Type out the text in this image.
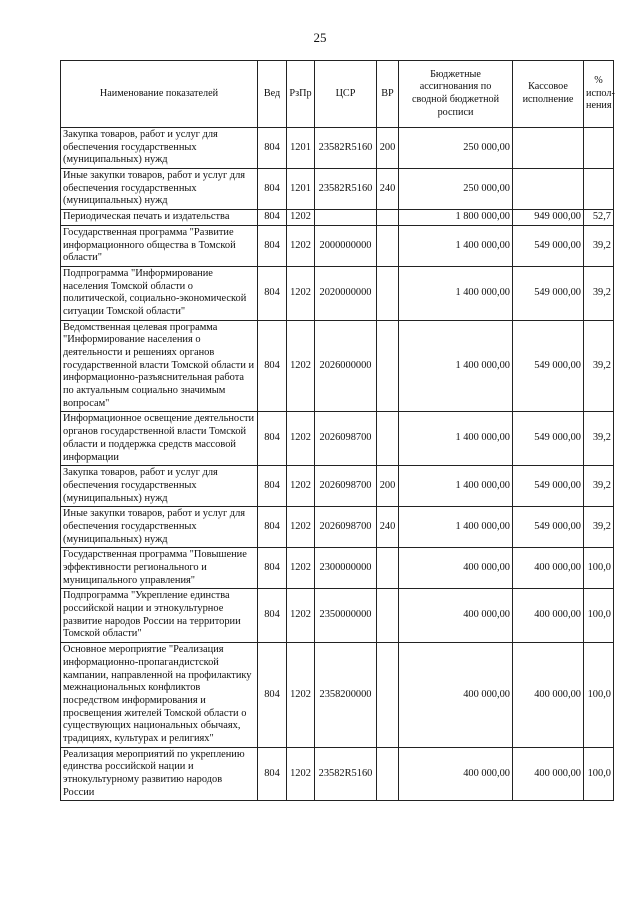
25
Наименование показателей	Вед	РзПр	ЦСР	ВР	Бюджетные ассигнования по сводной бюджетной росписи	Кассовое исполнение	% испол-нения
Закупка товаров, работ и услуг для обеспечения государственных (муниципальных) нужд	804	1201	23582R5160	200	250 000,00		
Иные закупки товаров, работ и услуг для обеспечения государственных (муниципальных) нужд	804	1201	23582R5160	240	250 000,00		
Периодическая печать и издательства	804	1202			1 800 000,00	949 000,00	52,7
Государственная программа "Развитие информационного общества в Томской области"	804	1202	2000000000		1 400 000,00	549 000,00	39,2
Подпрограмма "Информирование населения Томской области о политической, социально-экономической ситуации Томской области"	804	1202	2020000000		1 400 000,00	549 000,00	39,2
Ведомственная целевая программа "Информирование населения о деятельности и решениях органов государственной власти Томской области и информационно-разъяснительная работа по актуальным социально значимым вопросам"	804	1202	2026000000		1 400 000,00	549 000,00	39,2
Информационное освещение деятельности органов государственной власти Томской области и поддержка средств массовой информации	804	1202	2026098700		1 400 000,00	549 000,00	39,2
Закупка товаров, работ и услуг для обеспечения государственных (муниципальных) нужд	804	1202	2026098700	200	1 400 000,00	549 000,00	39,2
Иные закупки товаров, работ и услуг для обеспечения государственных (муниципальных) нужд	804	1202	2026098700	240	1 400 000,00	549 000,00	39,2
Государственная программа "Повышение эффективности регионального и муниципального управления"	804	1202	2300000000		400 000,00	400 000,00	100,0
Подпрограмма "Укрепление единства российской нации и этнокультурное развитие народов России на территории Томской области"	804	1202	2350000000		400 000,00	400 000,00	100,0
Основное мероприятие "Реализация информационно-пропагандистской кампании, направленной на профилактику межнациональных конфликтов посредством информирования и просвещения жителей Томской области о существующих национальных обычаях, традициях, культурах и религиях"	804	1202	2358200000		400 000,00	400 000,00	100,0
Реализация мероприятий по укреплению единства российской нации и этнокультурному развитию народов России	804	1202	23582R5160		400 000,00	400 000,00	100,0
